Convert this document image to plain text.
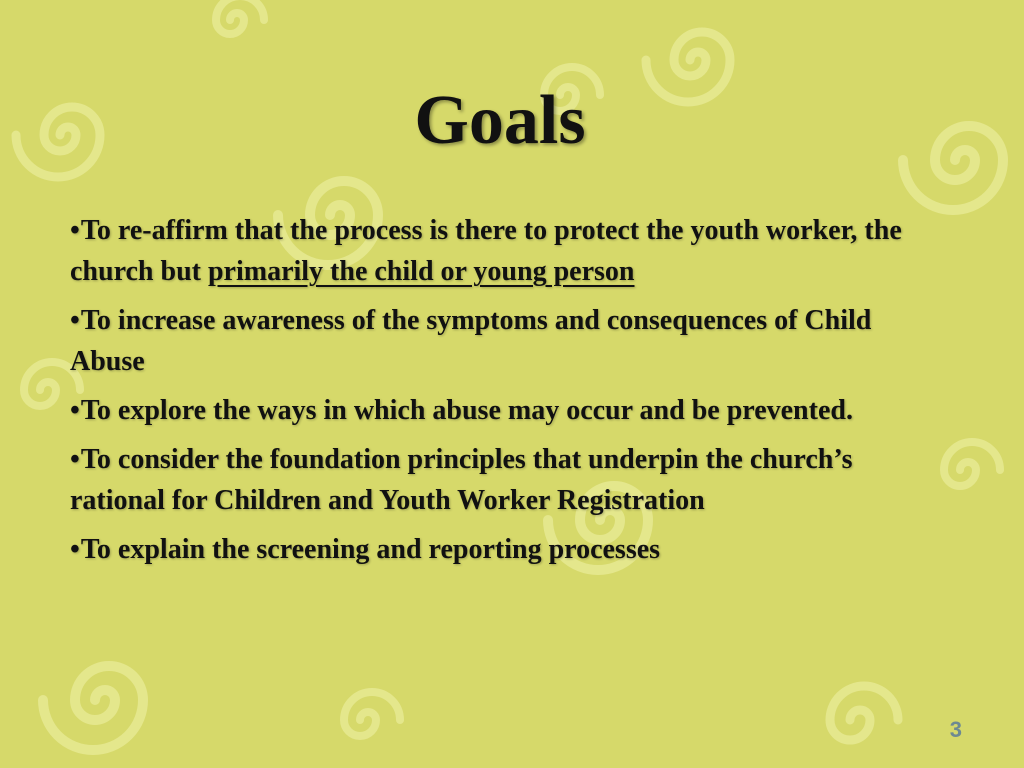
Goals
•To re-affirm that the process is there to protect the youth worker, the church but primarily the child or young person
•To increase awareness of the symptoms and consequences of Child Abuse
•To explore the ways in which abuse may occur and be prevented.
•To consider the foundation principles that underpin the church’s rational for Children and Youth Worker Registration
•To explain the screening and reporting processes
3
